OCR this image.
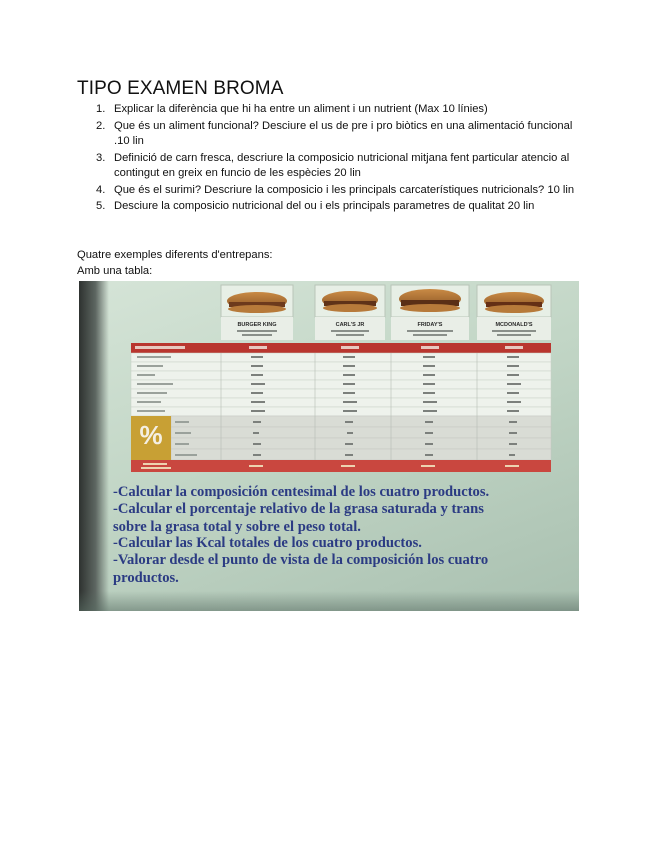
TIPO EXAMEN BROMA
1. Explicar la diferència que hi ha entre un aliment i un nutrient (Max 10 línies)
2. Que és un aliment funcional? Desciure el us de pre i pro biòtics en una alimentació funcional .10 lin
3. Definició de carn fresca, descriure la composicio nutricional mitjana fent particular atencio al contingut en greix en funcio de les espècies 20 lin
4. Que és el surimi? Descriure la composicio i les principals carcaterístiques nutricionals? 10 lin
5. Desciure la composicio nutricional del ou i els principals parametres de qualitat 20 lin
Quatre exemples diferents d'entrepans:
Amb una tabla:
BURGER KING	CARL'S JR	FRIDAY'S	MCDONALD'S
%
-Calcular la composición centesimal de los cuatro productos.
-Calcular el porcentaje relativo de la grasa saturada y trans
sobre la grasa total y sobre el peso total.
-Calcular las Kcal totales de los cuatro productos.
-Valorar desde el punto de vista de la composición los cuatro
productos.
